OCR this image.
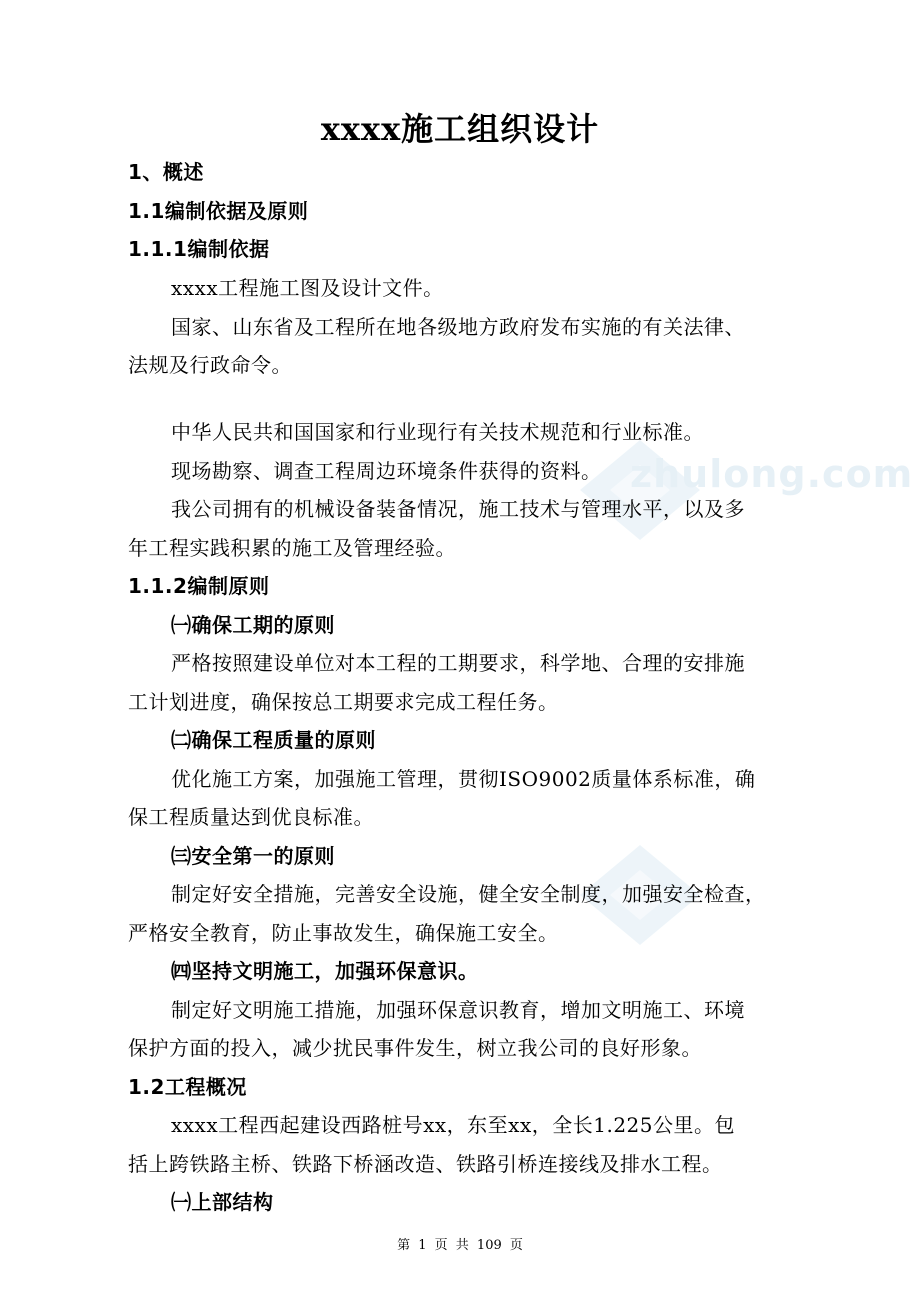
zhulong.com
xxxx施工组织设计
1、概述
1.1编制依据及原则
1.1.1编制依据
xxxx工程施工图及设计文件。
国家、山东省及工程所在地各级地方政府发布实施的有关法律、
法规及行政命令。
中华人民共和国国家和行业现行有关技术规范和行业标准。
现场勘察、调查工程周边环境条件获得的资料。
我公司拥有的机械设备装备情况，施工技术与管理水平，以及多
年工程实践积累的施工及管理经验。
1.1.2编制原则
㈠确保工期的原则
严格按照建设单位对本工程的工期要求，科学地、合理的安排施
工计划进度，确保按总工期要求完成工程任务。
㈡确保工程质量的原则
优化施工方案，加强施工管理，贯彻ISO9002质量体系标准，确
保工程质量达到优良标准。
㈢安全第一的原则
制定好安全措施，完善安全设施，健全安全制度，加强安全检查，
严格安全教育，防止事故发生，确保施工安全。
㈣坚持文明施工，加强环保意识。
制定好文明施工措施，加强环保意识教育，增加文明施工、环境
保护方面的投入，减少扰民事件发生，树立我公司的良好形象。
1.2工程概况
xxxx工程西起建设西路桩号xx，东至xx，全长1.225公里。包
括上跨铁路主桥、铁路下桥涵改造、铁路引桥连接线及排水工程。
㈠上部结构
第 1 页 共 109 页
